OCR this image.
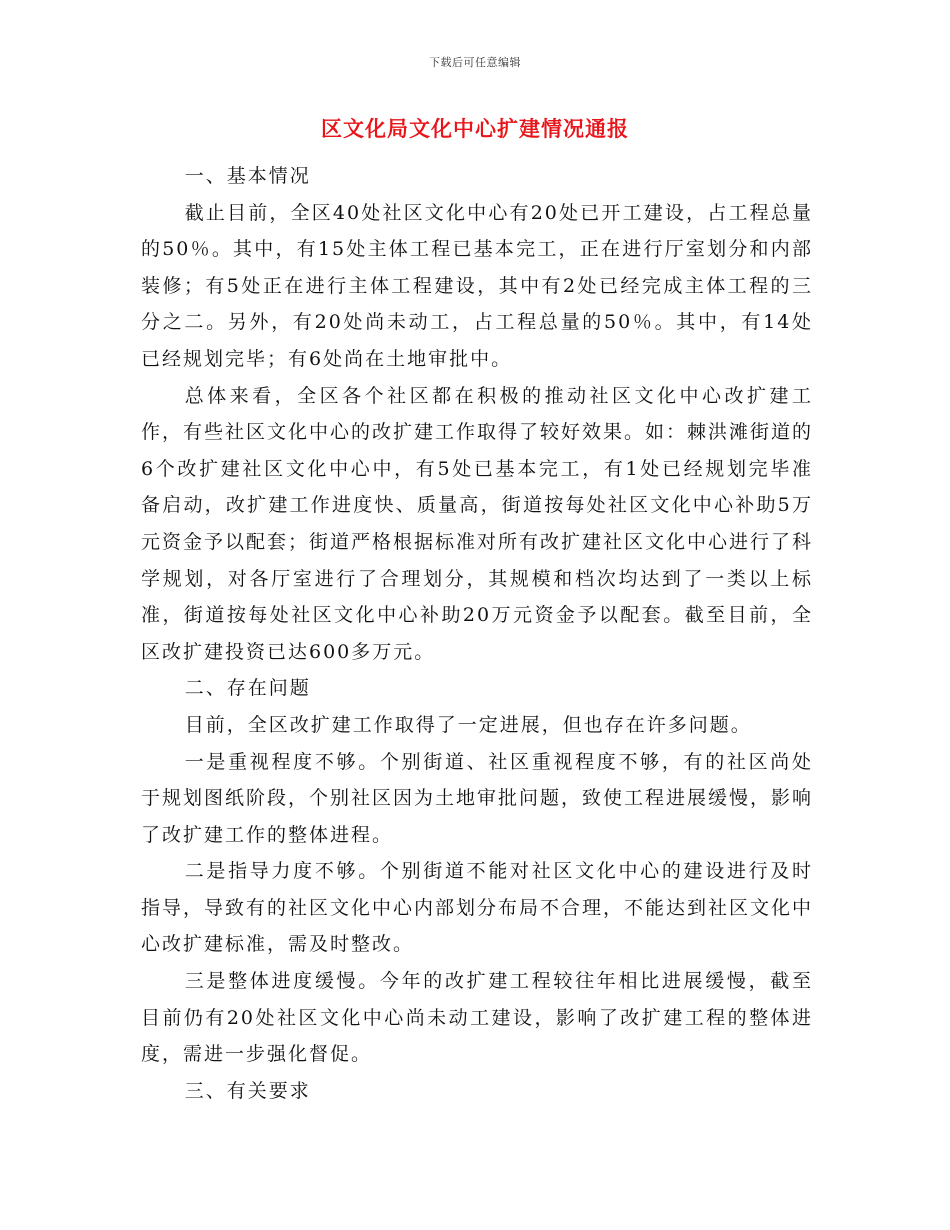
下载后可任意编辑
区文化局文化中心扩建情况通报

一、基本情况

截止目前，全区40处社区文化中心有20处已开工建设，占工程总量的50％。其中，有15处主体工程已基本完工，正在进行厅室划分和内部装修；有5处正在进行主体工程建设，其中有2处已经完成主体工程的三分之二。另外，有20处尚未动工，占工程总量的50％。其中，有14处已经规划完毕；有6处尚在土地审批中。

总体来看，全区各个社区都在积极的推动社区文化中心改扩建工作，有些社区文化中心的改扩建工作取得了较好效果。如：棘洪滩街道的6个改扩建社区文化中心中，有5处已基本完工，有1处已经规划完毕准备启动，改扩建工作进度快、质量高，街道按每处社区文化中心补助5万元资金予以配套；街道严格根据标准对所有改扩建社区文化中心进行了科学规划，对各厅室进行了合理划分，其规模和档次均达到了一类以上标准，街道按每处社区文化中心补助20万元资金予以配套。截至目前，全区改扩建投资已达600多万元。

二、存在问题

目前，全区改扩建工作取得了一定进展，但也存在许多问题。

一是重视程度不够。个别街道、社区重视程度不够，有的社区尚处于规划图纸阶段，个别社区因为土地审批问题，致使工程进展缓慢，影响了改扩建工作的整体进程。

二是指导力度不够。个别街道不能对社区文化中心的建设进行及时指导，导致有的社区文化中心内部划分布局不合理，不能达到社区文化中心改扩建标准，需及时整改。

三是整体进度缓慢。今年的改扩建工程较往年相比进展缓慢，截至目前仍有20处社区文化中心尚未动工建设，影响了改扩建工程的整体进度，需进一步强化督促。

三、有关要求
